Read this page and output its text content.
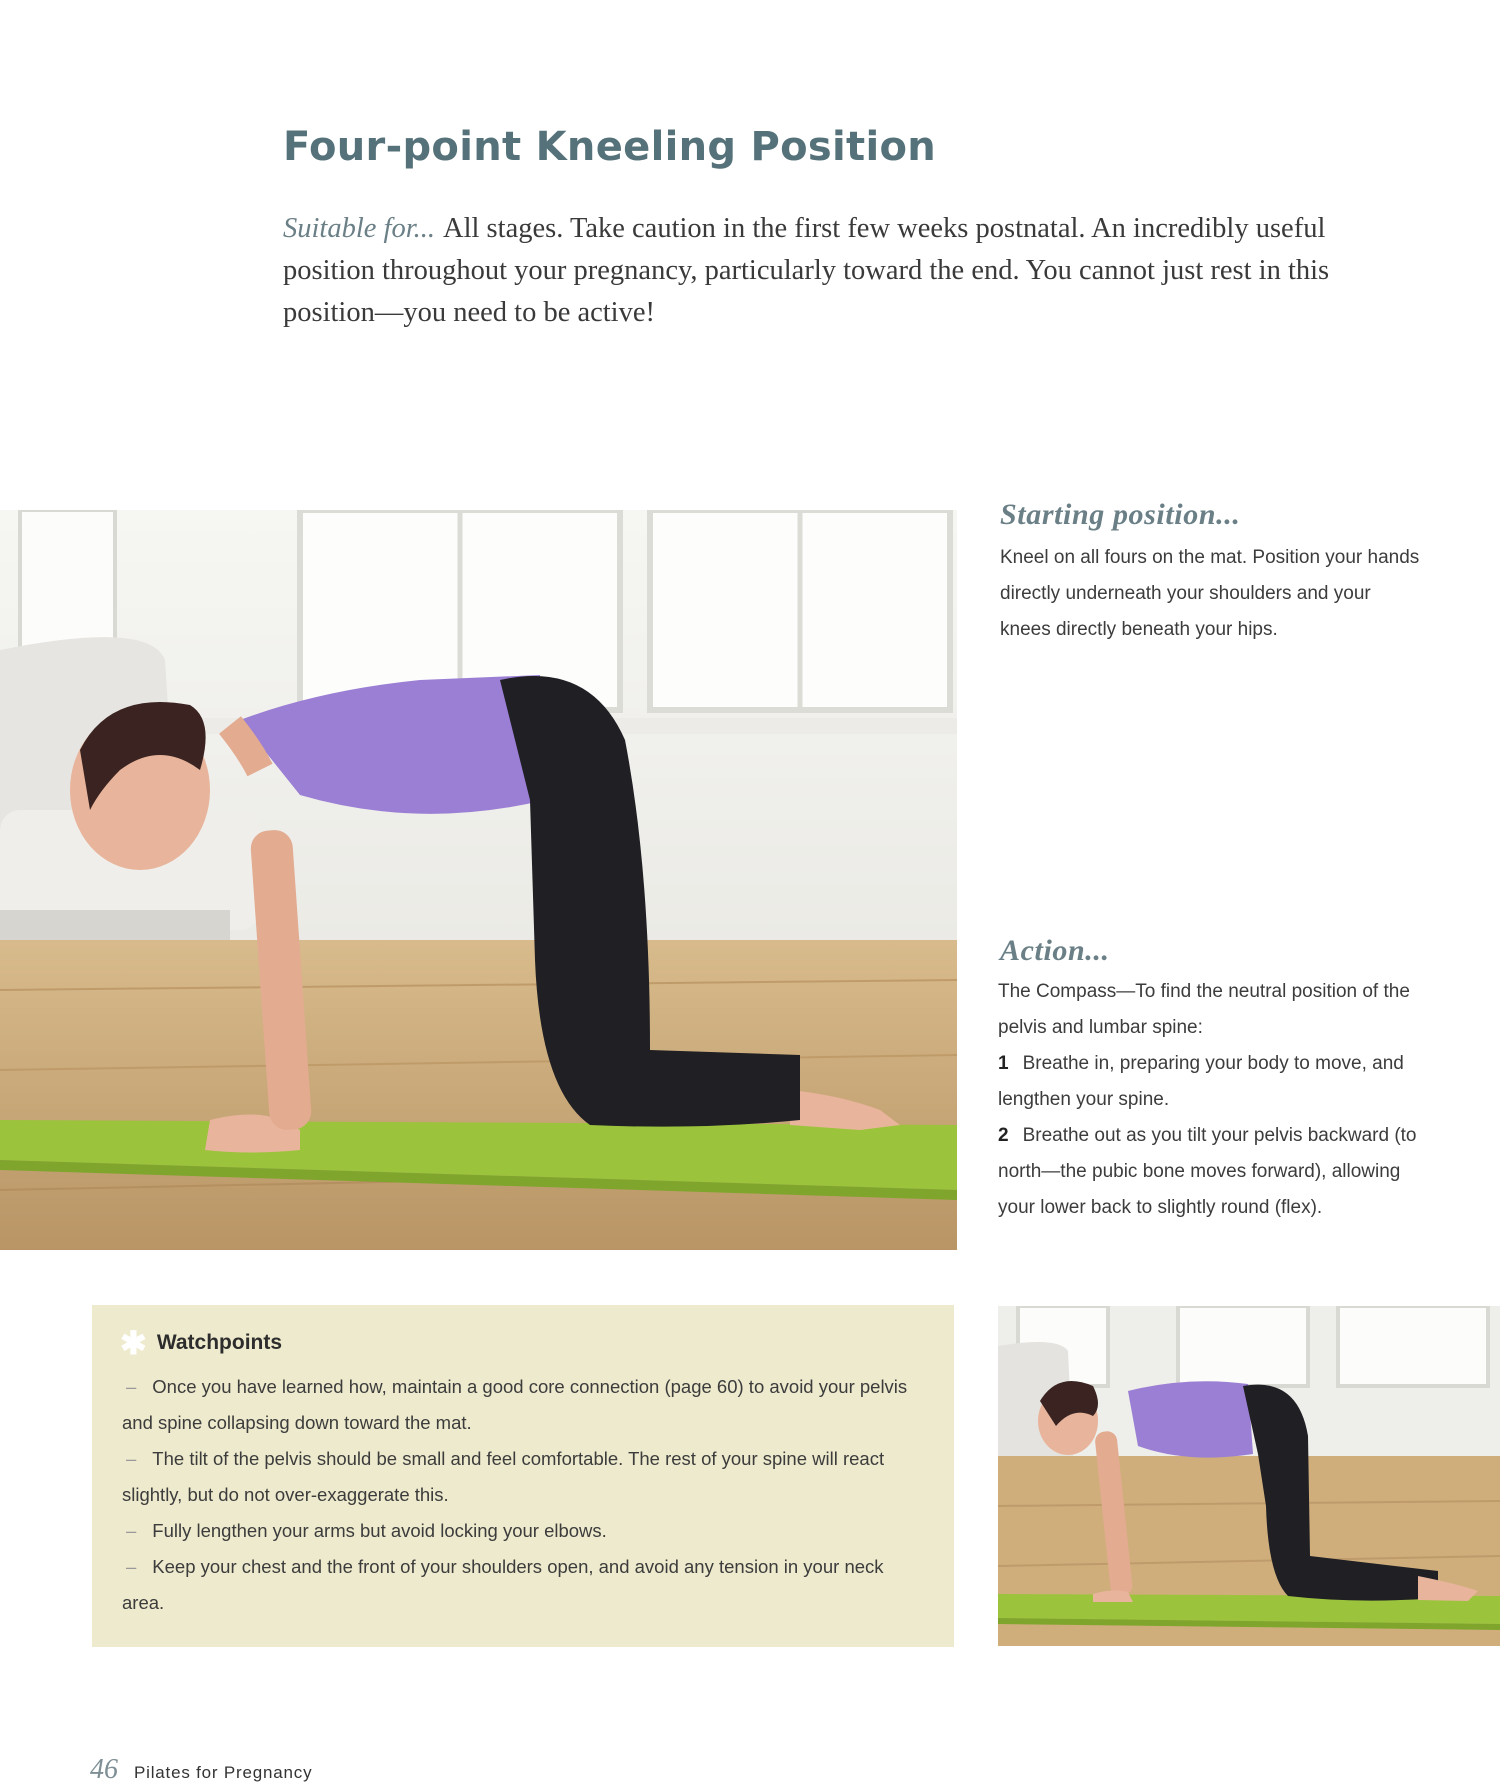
Four-point Kneeling Position

Suitable for... All stages. Take caution in the first few weeks postnatal. An incredibly useful position throughout your pregnancy, particularly toward the end. You cannot just rest in this position—you need to be active!

Starting position...

Kneel on all fours on the mat. Position your hands directly underneath your shoulders and your knees directly beneath your hips.

Action...
The Compass—To find the neutral position of the pelvis and lumbar spine:
1 Breathe in, preparing your body to move, and lengthen your spine.
2 Breathe out as you tilt your pelvis backward (to north—the pubic bone moves forward), allowing your lower back to slightly round (flex).
✱ Watchpoints
– Once you have learned how, maintain a good core connection (page 60) to avoid your pelvis and spine collapsing down toward the mat.
– The tilt of the pelvis should be small and feel comfortable. The rest of your spine will react slightly, but do not over-exaggerate this.
– Fully lengthen your arms but avoid locking your elbows.
– Keep your chest and the front of your shoulders open, and avoid any tension in your neck area.
46 Pilates for Pregnancy
